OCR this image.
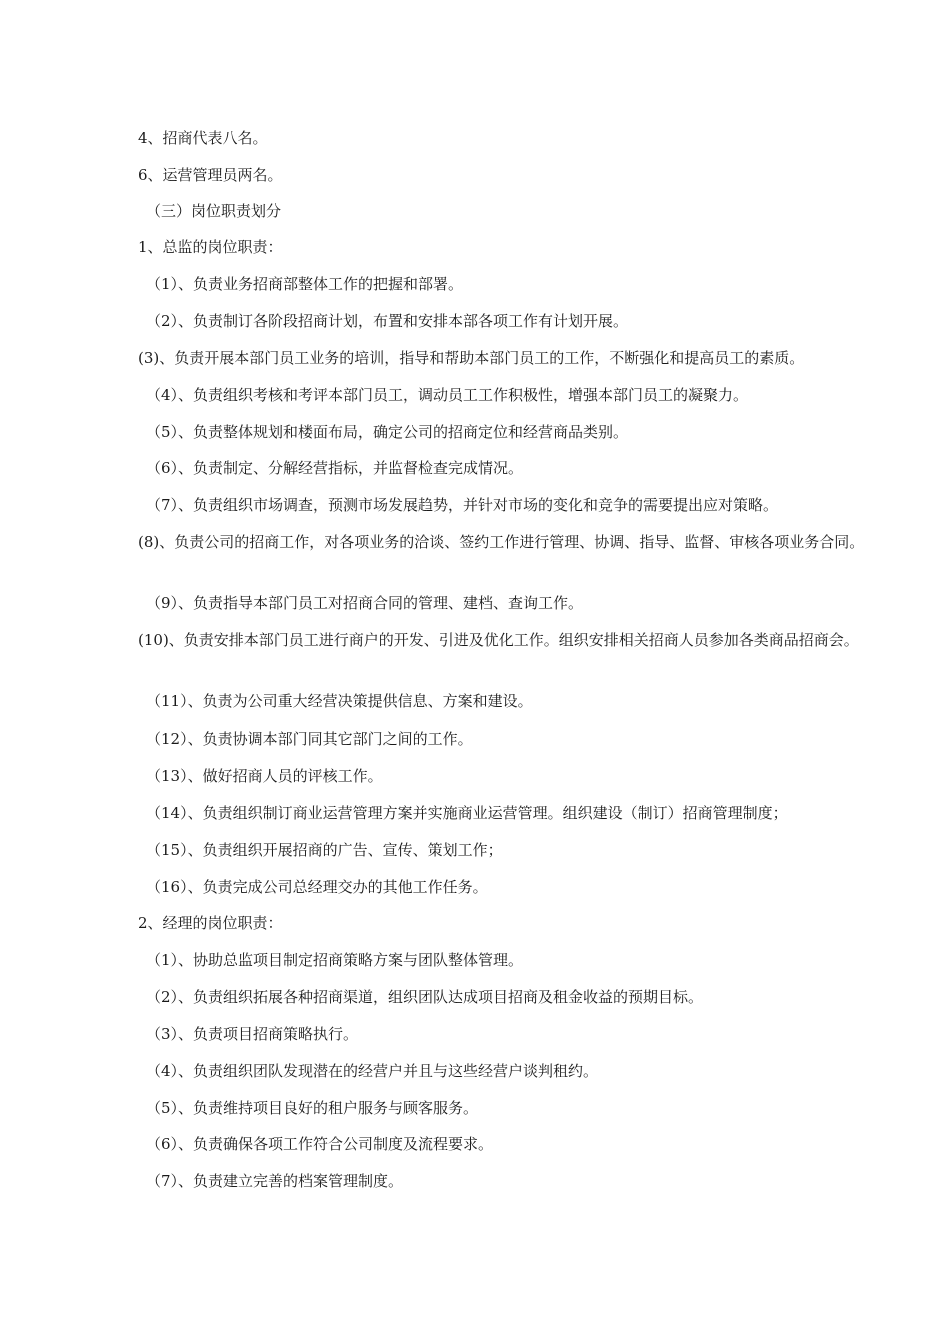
4、招商代表八名。
6、运营管理员两名。
（三）岗位职责划分
1、总监的岗位职责：
（1）、负责业务招商部整体工作的把握和部署。
（2）、负责制订各阶段招商计划，布置和安排本部各项工作有计划开展。
(3)、负责开展本部门员工业务的培训，指导和帮助本部门员工的工作，不断强化和提高员工的素质。
（4）、负责组织考核和考评本部门员工，调动员工工作积极性，增强本部门员工的凝聚力。
（5）、负责整体规划和楼面布局，确定公司的招商定位和经营商品类别。
（6）、负责制定、分解经营指标，并监督检查完成情况。
（7）、负责组织市场调查，预测市场发展趋势，并针对市场的变化和竞争的需要提出应对策略。
(8)、负责公司的招商工作，对各项业务的洽谈、签约工作进行管理、协调、指导、监督、审核各项业务合同。
（9）、负责指导本部门员工对招商合同的管理、建档、查询工作。
(10)、负责安排本部门员工进行商户的开发、引进及优化工作。组织安排相关招商人员参加各类商品招商会。
（11）、负责为公司重大经营决策提供信息、方案和建设。
（12）、负责协调本部门同其它部门之间的工作。
（13）、做好招商人员的评核工作。
（14）、负责组织制订商业运营管理方案并实施商业运营管理。组织建设（制订）招商管理制度；
（15）、负责组织开展招商的广告、宣传、策划工作；
（16）、负责完成公司总经理交办的其他工作任务。
2、经理的岗位职责：
（1）、协助总监项目制定招商策略方案与团队整体管理。
（2）、负责组织拓展各种招商渠道，组织团队达成项目招商及租金收益的预期目标。
（3）、负责项目招商策略执行。
（4）、负责组织团队发现潜在的经营户并且与这些经营户谈判租约。
（5）、负责维持项目良好的租户服务与顾客服务。
（6）、负责确保各项工作符合公司制度及流程要求。
（7）、负责建立完善的档案管理制度。
